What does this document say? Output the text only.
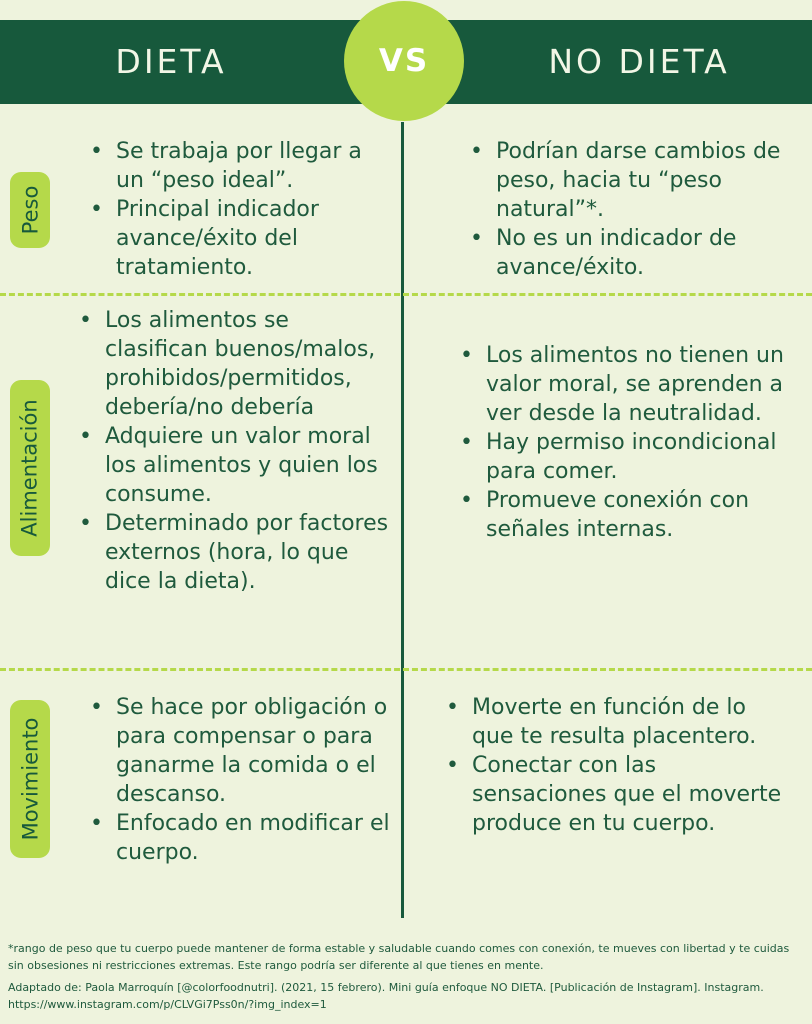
DIETA	NO DIETA
VS
Peso
Alimentación
Movimiento
• Se trabaja por llegar a un “peso ideal”.
• Principal indicador avance/éxito del tratamiento.
• Podrían darse cambios de peso, hacia tu “peso natural”*.
• No es un indicador de avance/éxito.
• Los alimentos se clasifican buenos/malos, prohibidos/permitidos, debería/no debería
• Adquiere un valor moral los alimentos y quien los consume.
• Determinado por factores externos (hora, lo que dice la dieta).
• Los alimentos no tienen un valor moral, se aprenden a ver desde la neutralidad.
• Hay permiso incondicional para comer.
• Promueve conexión con señales internas.
• Se hace por obligación o para compensar o para ganarme la comida o el descanso.
• Enfocado en modificar el cuerpo.
• Moverte en función de lo que te resulta placentero.
• Conectar con las sensaciones que el moverte produce en tu cuerpo.

*rango de peso que tu cuerpo puede mantener de forma estable y saludable cuando comes con conexión, te mueves con libertad y te cuidas sin obsesiones ni restricciones extremas. Este rango podría ser diferente al que tienes en mente.

Adaptado de: Paola Marroquín [@colorfoodnutri]. (2021, 15 febrero). Mini guía enfoque NO DIETA. [Publicación de Instagram]. Instagram. https://www.instagram.com/p/CLVGi7Pss0n/?img_index=1
